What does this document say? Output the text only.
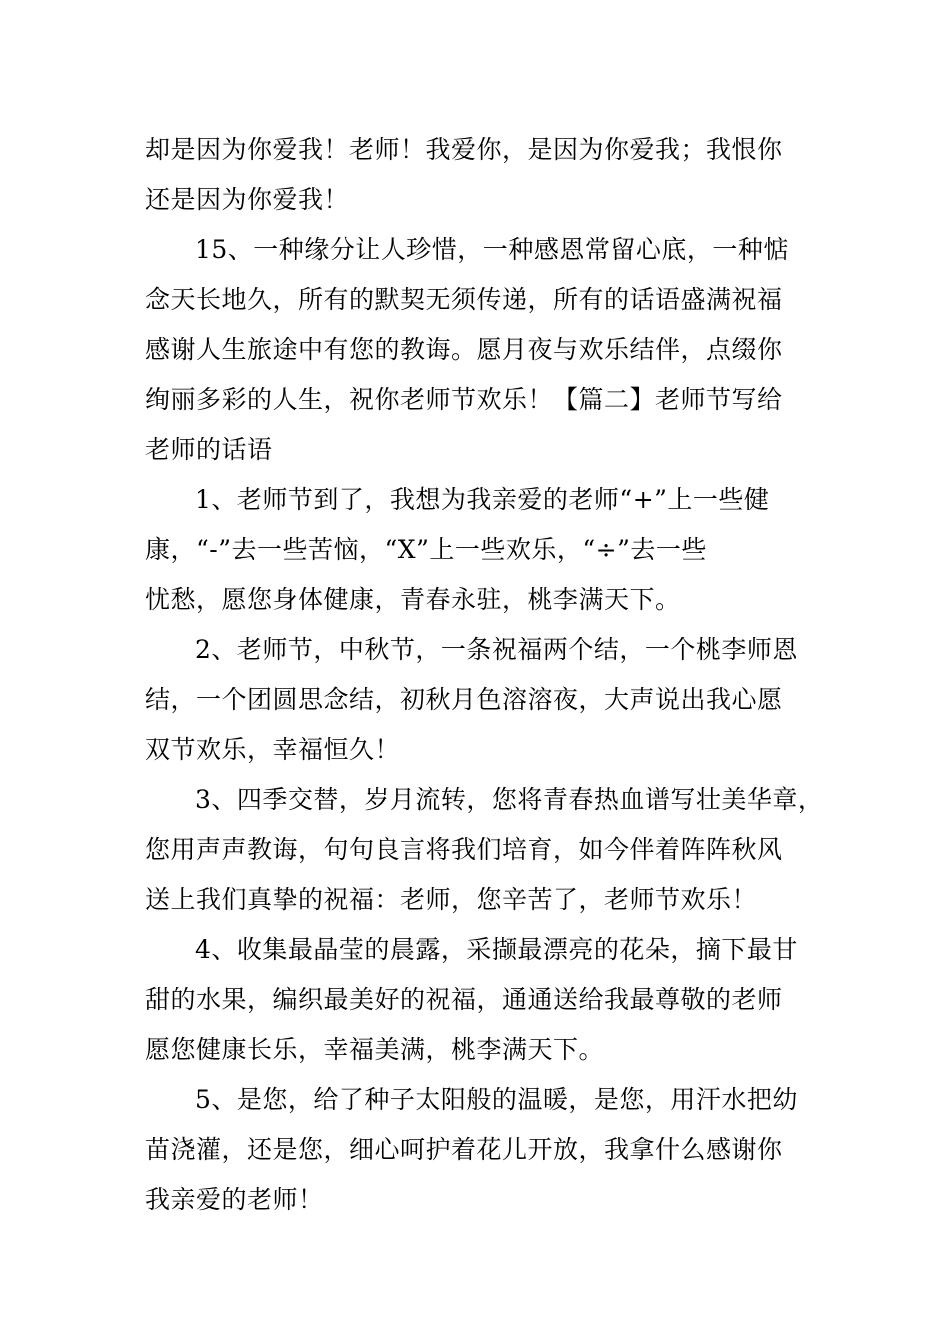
却是因为你爱我！老师！我爱你，是因为你爱我；我恨你
还是因为你爱我！
15、一种缘分让人珍惜，一种感恩常留心底，一种惦
念天长地久，所有的默契无须传递，所有的话语盛满祝福
感谢人生旅途中有您的教诲。愿月夜与欢乐结伴，点缀你
绚丽多彩的人生，祝你老师节欢乐！【篇二】老师节写给
老师的话语
1、老师节到了，我想为我亲爱的老师“+”上一些健
康，“-”去一些苦恼，“X”上一些欢乐，“÷”去一些
忧愁，愿您身体健康，青春永驻，桃李满天下。
2、老师节，中秋节，一条祝福两个结，一个桃李师恩
结，一个团圆思念结，初秋月色溶溶夜，大声说出我心愿
双节欢乐，幸福恒久！
3、四季交替，岁月流转，您将青春热血谱写壮美华章，
您用声声教诲，句句良言将我们培育，如今伴着阵阵秋风
送上我们真挚的祝福：老师，您辛苦了，老师节欢乐！
4、收集最晶莹的晨露，采撷最漂亮的花朵，摘下最甘
甜的水果，编织最美好的祝福，通通送给我最尊敬的老师
愿您健康长乐，幸福美满，桃李满天下。
5、是您，给了种子太阳般的温暖，是您，用汗水把幼
苗浇灌，还是您，细心呵护着花儿开放，我拿什么感谢你
我亲爱的老师！
